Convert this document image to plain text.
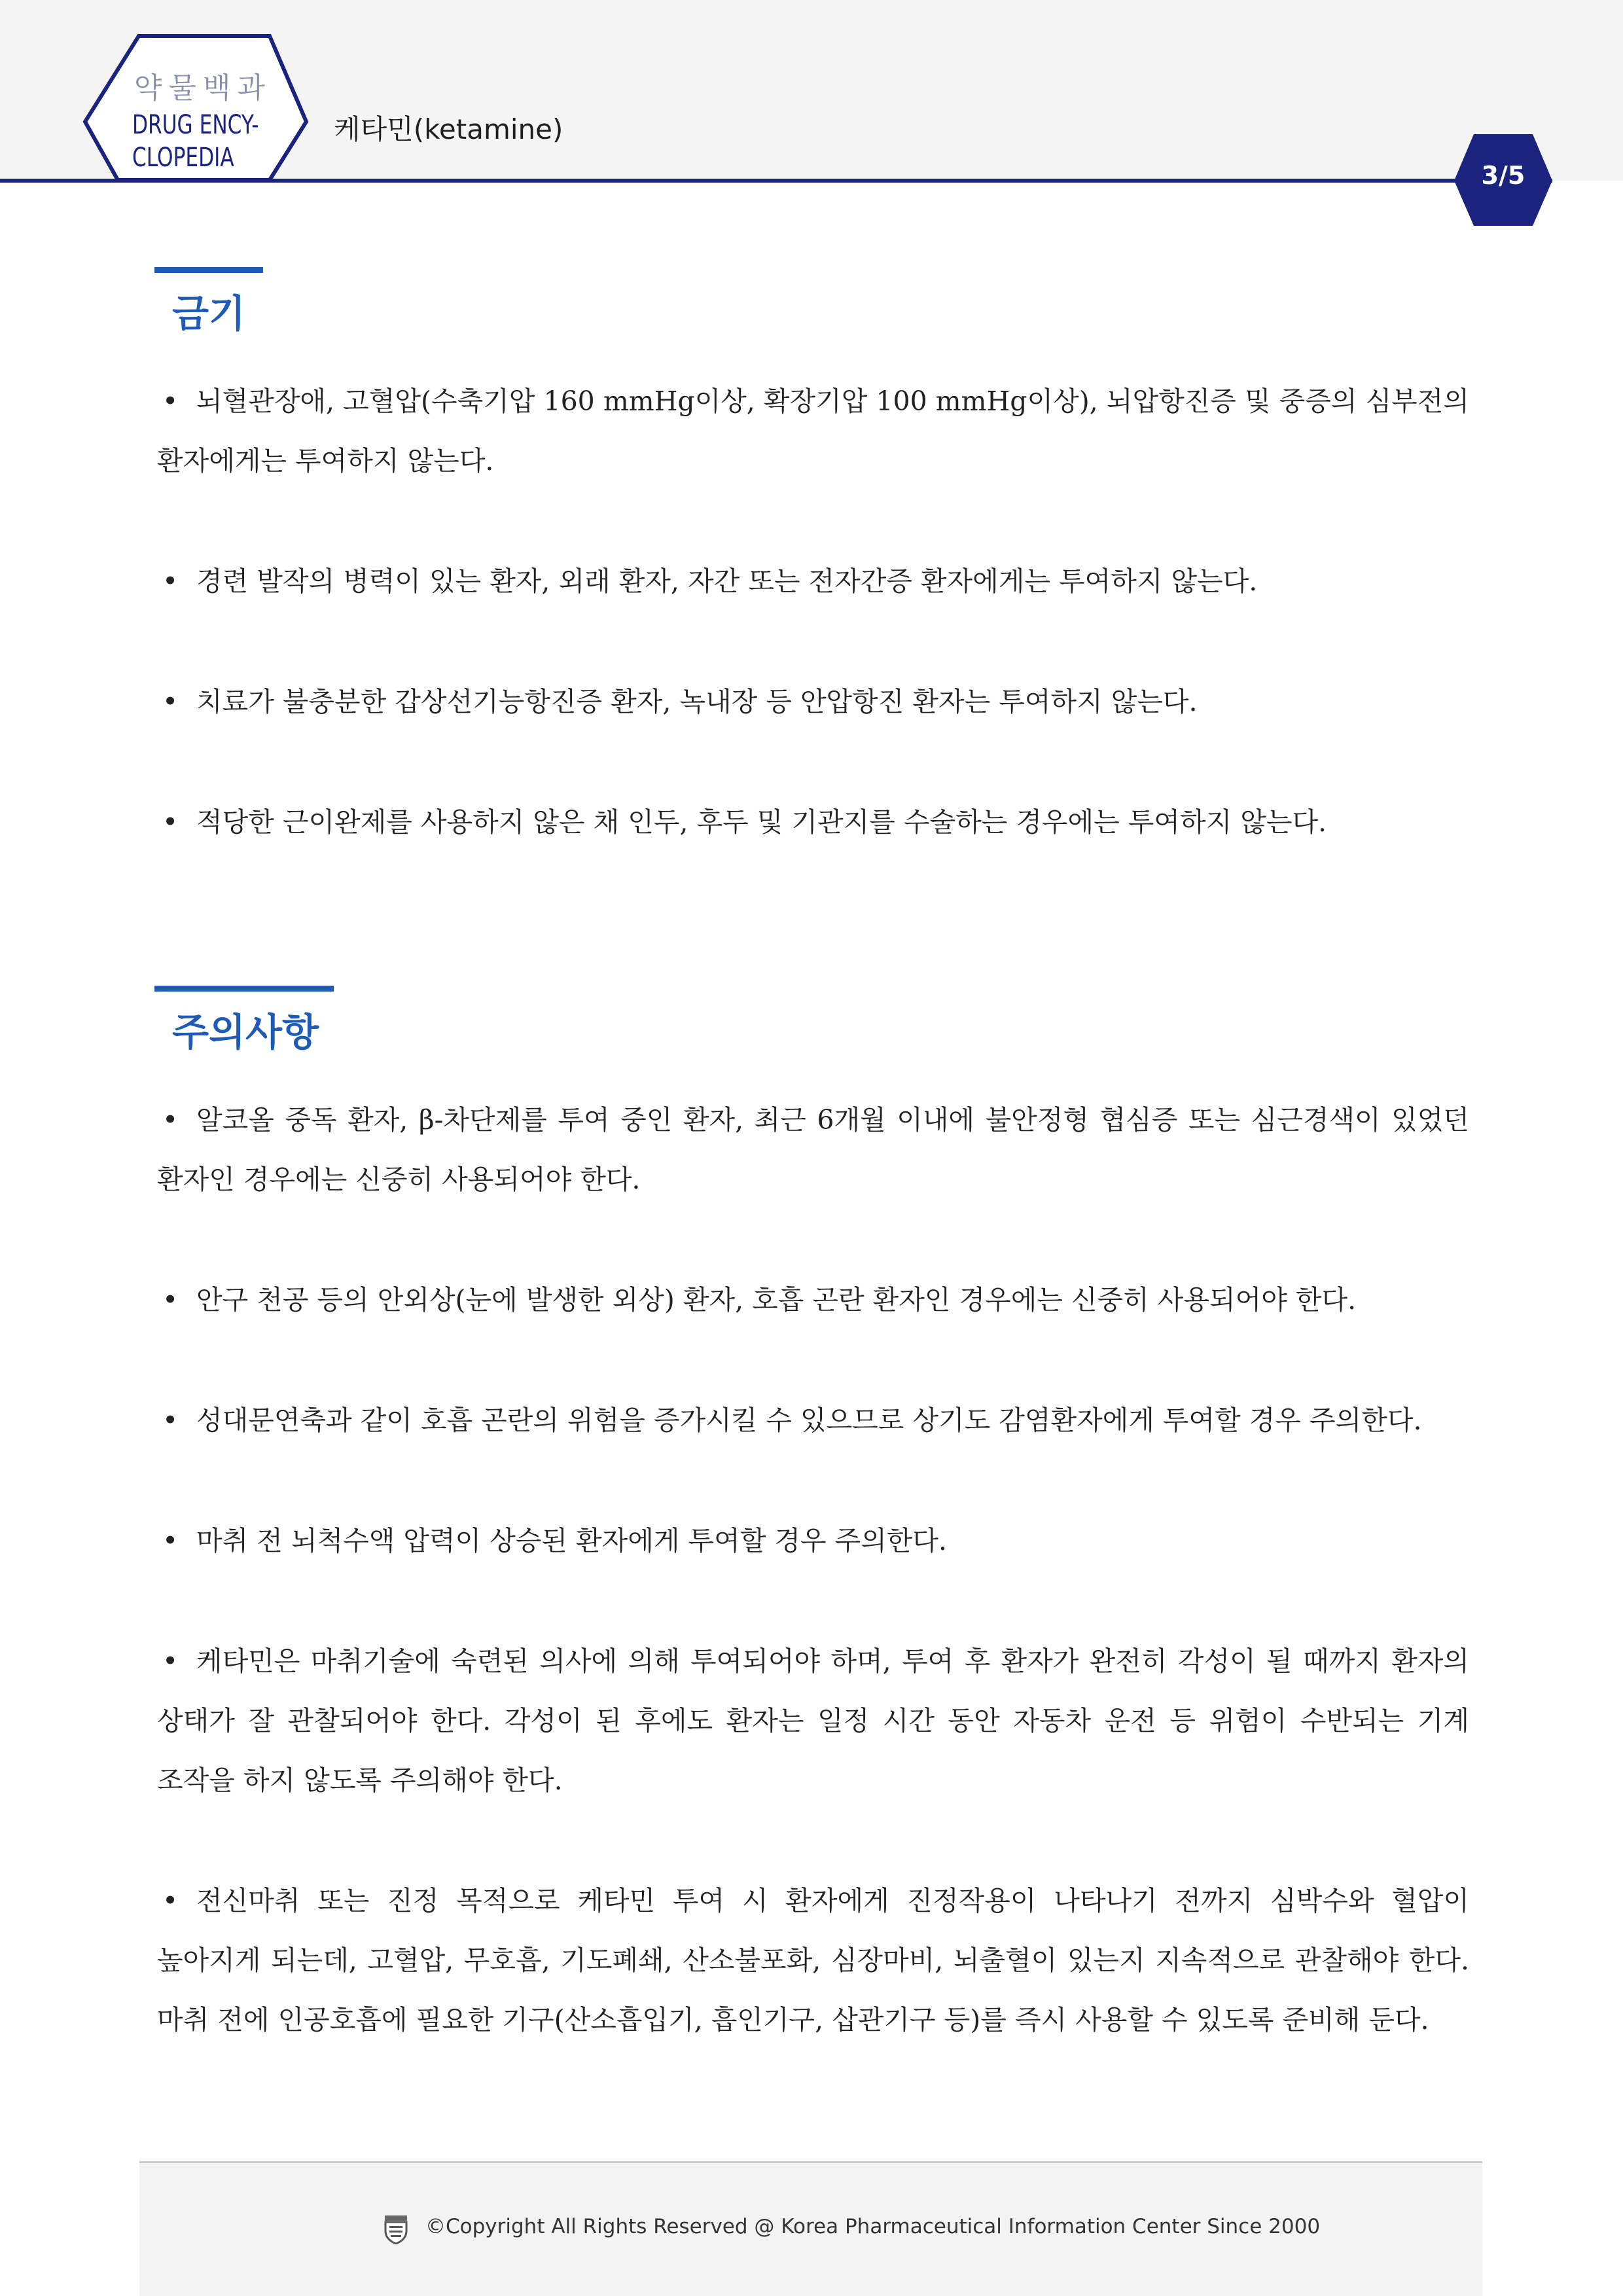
약물백과
DRUG ENCY-
CLOPEDIA
케타민(ketamine)
3/5
금기
• 뇌혈관장애, 고혈압(수축기압 160 mmHg이상, 확장기압 100 mmHg이상), 뇌압항진증 및 중증의 심부전의 환자에게는 투여하지 않는다.
• 경련 발작의 병력이 있는 환자, 외래 환자, 자간 또는 전자간증 환자에게는 투여하지 않는다.
• 치료가 불충분한 갑상선기능항진증 환자, 녹내장 등 안압항진 환자는 투여하지 않는다.
• 적당한 근이완제를 사용하지 않은 채 인두, 후두 및 기관지를 수술하는 경우에는 투여하지 않는다.
주의사항
• 알코올 중독 환자, β-차단제를 투여 중인 환자, 최근 6개월 이내에 불안정형 협심증 또는 심근경색이 있었던 환자인 경우에는 신중히 사용되어야 한다.
• 안구 천공 등의 안외상(눈에 발생한 외상) 환자, 호흡 곤란 환자인 경우에는 신중히 사용되어야 한다.
• 성대문연축과 같이 호흡 곤란의 위험을 증가시킬 수 있으므로 상기도 감염환자에게 투여할 경우 주의한다.
• 마취 전 뇌척수액 압력이 상승된 환자에게 투여할 경우 주의한다.
• 케타민은 마취기술에 숙련된 의사에 의해 투여되어야 하며, 투여 후 환자가 완전히 각성이 될 때까지 환자의 상태가 잘 관찰되어야 한다. 각성이 된 후에도 환자는 일정 시간 동안 자동차 운전 등 위험이 수반되는 기계 조작을 하지 않도록 주의해야 한다.
• 전신마취 또는 진정 목적으로 케타민 투여 시 환자에게 진정작용이 나타나기 전까지 심박수와 혈압이 높아지게 되는데, 고혈압, 무호흡, 기도폐쇄, 산소불포화, 심장마비, 뇌출혈이 있는지 지속적으로 관찰해야 한다. 마취 전에 인공호흡에 필요한 기구(산소흡입기, 흡인기구, 삽관기구 등)를 즉시 사용할 수 있도록 준비해 둔다.
©Copyright All Rights Reserved @ Korea Pharmaceutical Information Center Since 2000
